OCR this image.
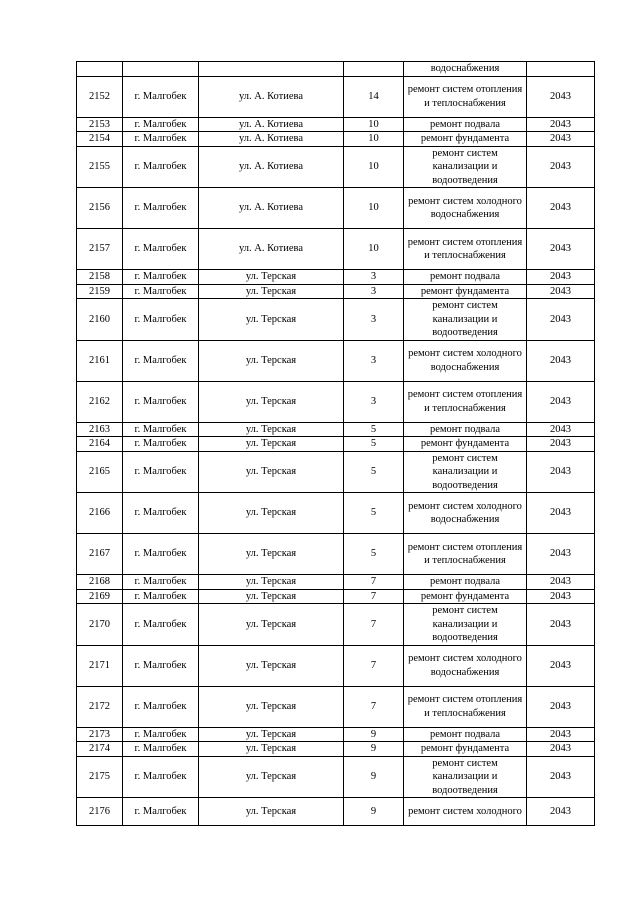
				водоснабжения	
2152	г. Малгобек	ул. А. Котиева	14	ремонт систем отопления и теплоснабжения	2043
2153	г. Малгобек	ул. А. Котиева	10	ремонт подвала	2043
2154	г. Малгобек	ул. А. Котиева	10	ремонт фундамента	2043
2155	г. Малгобек	ул. А. Котиева	10	ремонт систем канализации и водоотведения	2043
2156	г. Малгобек	ул. А. Котиева	10	ремонт систем холодного водоснабжения	2043
2157	г. Малгобек	ул. А. Котиева	10	ремонт систем отопления и теплоснабжения	2043
2158	г. Малгобек	ул. Терская	3	ремонт подвала	2043
2159	г. Малгобек	ул. Терская	3	ремонт фундамента	2043
2160	г. Малгобек	ул. Терская	3	ремонт систем канализации и водоотведения	2043
2161	г. Малгобек	ул. Терская	3	ремонт систем холодного водоснабжения	2043
2162	г. Малгобек	ул. Терская	3	ремонт систем отопления и теплоснабжения	2043
2163	г. Малгобек	ул. Терская	5	ремонт подвала	2043
2164	г. Малгобек	ул. Терская	5	ремонт фундамента	2043
2165	г. Малгобек	ул. Терская	5	ремонт систем канализации и водоотведения	2043
2166	г. Малгобек	ул. Терская	5	ремонт систем холодного водоснабжения	2043
2167	г. Малгобек	ул. Терская	5	ремонт систем отопления и теплоснабжения	2043
2168	г. Малгобек	ул. Терская	7	ремонт подвала	2043
2169	г. Малгобек	ул. Терская	7	ремонт фундамента	2043
2170	г. Малгобек	ул. Терская	7	ремонт систем канализации и водоотведения	2043
2171	г. Малгобек	ул. Терская	7	ремонт систем холодного водоснабжения	2043
2172	г. Малгобек	ул. Терская	7	ремонт систем отопления и теплоснабжения	2043
2173	г. Малгобек	ул. Терская	9	ремонт подвала	2043
2174	г. Малгобек	ул. Терская	9	ремонт фундамента	2043
2175	г. Малгобек	ул. Терская	9	ремонт систем канализации и водоотведения	2043
2176	г. Малгобек	ул. Терская	9	ремонт систем холодного	2043
